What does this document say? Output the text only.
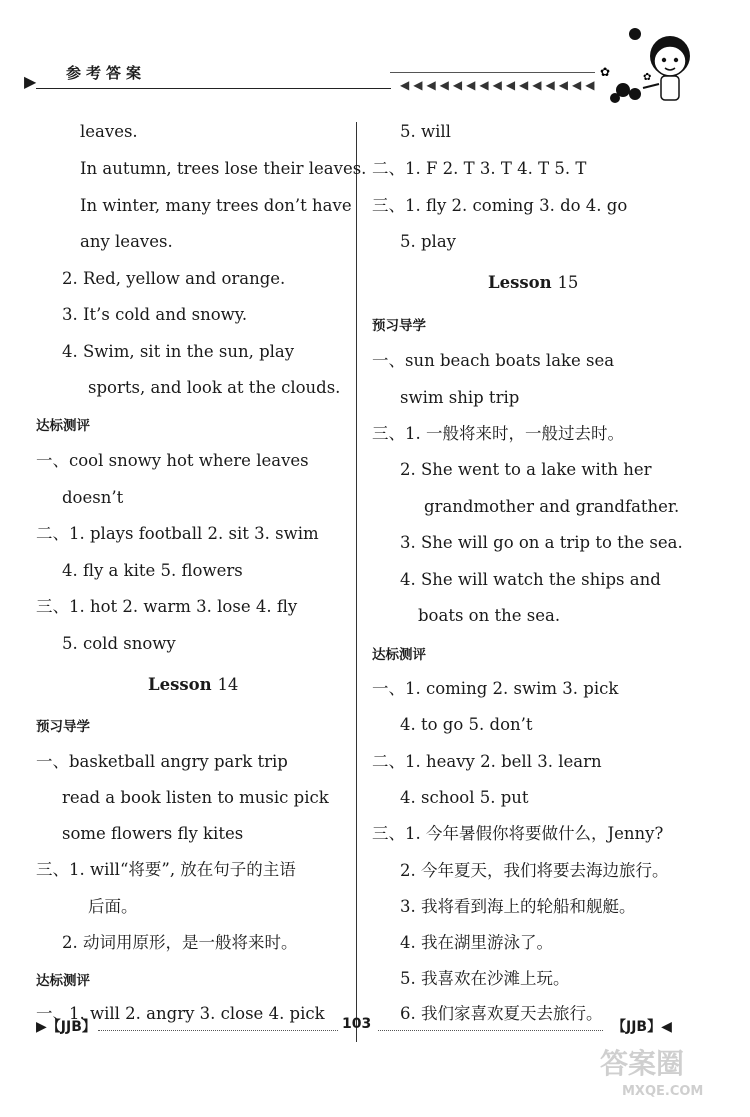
▶ 参考答案
◀◀◀◀◀◀◀◀◀◀◀◀◀◀◀
✿	✿
leaves.
In autumn, trees lose their leaves.
In winter, many trees don’t have
any leaves.
2. Red, yellow and orange.
3. It’s cold and snowy.
4. Swim, sit in the sun, play
sports, and look at the clouds.
达标测评
一、cool snowy hot where leaves
doesn’t
二、1. plays football 2. sit 3. swim
4. fly a kite 5. flowers
三、1. hot 2. warm 3. lose 4. fly
5. cold snowy
Lesson 14
预习导学
一、basketball angry park trip
read a book listen to music pick
some flowers fly kites
三、1. will“将要”, 放在句子的主语
后面。
2. 动词用原形，是一般将来时。
达标测评
一、1. will 2. angry 3. close 4. pick
5. will
二、1. F 2. T 3. T 4. T 5. T
三、1. fly 2. coming 3. do 4. go
5. play
Lesson 15
预习导学
一、sun beach boats lake sea
swim ship trip
三、1. 一般将来时，一般过去时。
2. She went to a lake with her
grandmother and grandfather.
3. She will go on a trip to the sea.
4. She will watch the ships and
boats on the sea.
达标测评
一、1. coming 2. swim 3. pick
4. to go 5. don’t
二、1. heavy 2. bell 3. learn
4. school 5. put
三、1. 今年暑假你将要做什么，Jenny?
2. 今年夏天，我们将要去海边旅行。
3. 我将看到海上的轮船和舰艇。
4. 我在湖里游泳了。
5. 我喜欢在沙滩上玩。
6. 我们家喜欢夏天去旅行。
▶【JJB】	103	【JJB】◀
答案圈
MXQE.COM
